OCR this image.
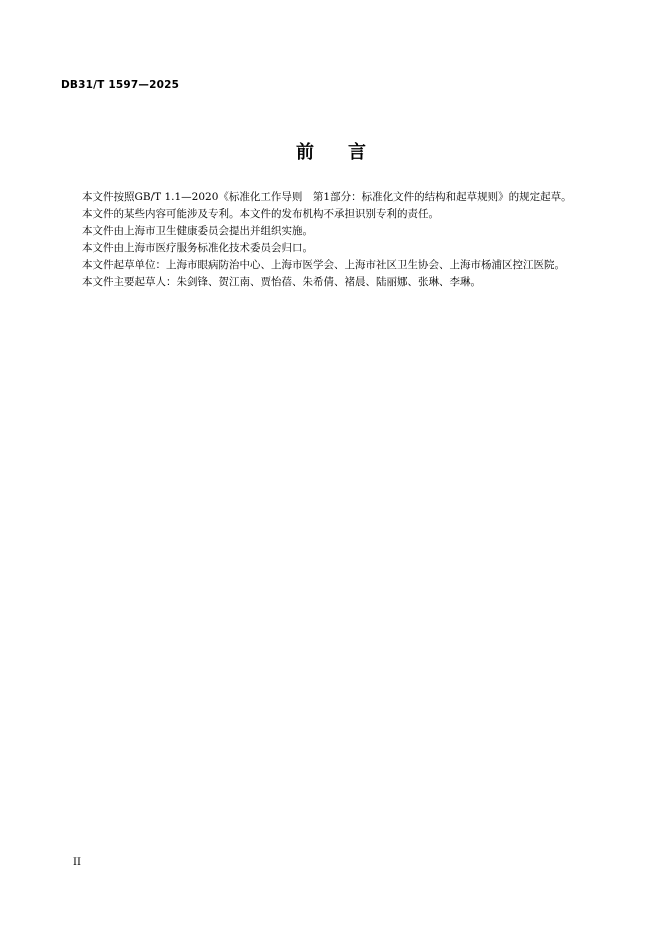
DB31/T 1597—2025
前言

本文件按照GB/T 1.1—2020《标准化工作导则　第1部分：标准化文件的结构和起草规则》的规定起草。

本文件的某些内容可能涉及专利。本文件的发布机构不承担识别专利的责任。

本文件由上海市卫生健康委员会提出并组织实施。

本文件由上海市医疗服务标准化技术委员会归口。

本文件起草单位：上海市眼病防治中心、上海市医学会、上海市社区卫生协会、上海市杨浦区控江医院。

本文件主要起草人：朱剑锋、贺江南、贾怡蓓、朱希倩、褚晨、陆丽娜、张琳、李琳。

II
